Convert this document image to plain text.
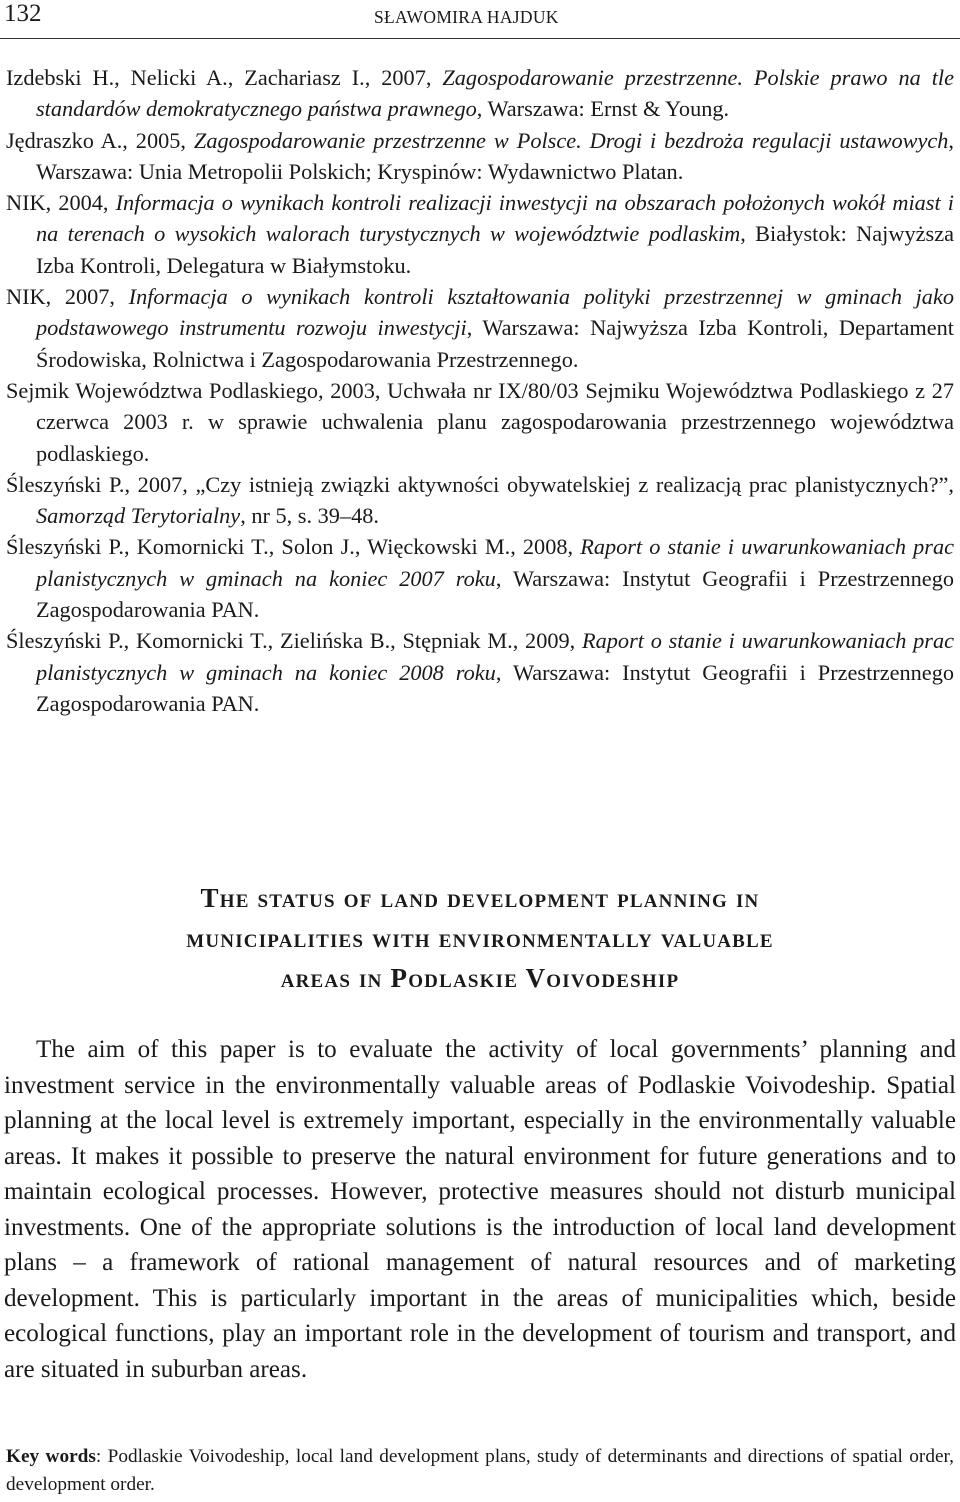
132	SŁAWOMIRA HAJDUK

Izdebski H., Nelicki A., Zachariasz I., 2007, Zagospodarowanie przestrzenne. Polskie prawo na tle standardów demokratycznego państwa prawnego, Warszawa: Ernst & Young.

Jędraszko A., 2005, Zagospodarowanie przestrzenne w Polsce. Drogi i bezdroża regulacji ustawowych, Warszawa: Unia Metropolii Polskich; Kryspinów: Wydawnictwo Platan.

NIK, 2004, Informacja o wynikach kontroli realizacji inwestycji na obszarach położonych wokół miast i na terenach o wysokich walorach turystycznych w województwie podlaskim, Białystok: Najwyższa Izba Kontroli, Delegatura w Białymstoku.

NIK, 2007, Informacja o wynikach kontroli kształtowania polityki przestrzennej w gminach jako podstawowego instrumentu rozwoju inwestycji, Warszawa: Najwyższa Izba Kontroli, Departament Środowiska, Rolnictwa i Zagospodarowania Przestrzennego.

Sejmik Województwa Podlaskiego, 2003, Uchwała nr IX/80/03 Sejmiku Województwa Podlaskiego z 27 czerwca 2003 r. w sprawie uchwalenia planu zagospodarowania przestrzennego województwa podlaskiego.

Śleszyński P., 2007, „Czy istnieją związki aktywności obywatelskiej z realizacją prac planistycznych?”, Samorząd Terytorialny, nr 5, s. 39–48.

Śleszyński P., Komornicki T., Solon J., Więckowski M., 2008, Raport o stanie i uwarunkowaniach prac planistycznych w gminach na koniec 2007 roku, Warszawa: Instytut Geografii i Przestrzennego Zagospodarowania PAN.

Śleszyński P., Komornicki T., Zielińska B., Stępniak M., 2009, Raport o stanie i uwarunkowaniach prac planistycznych w gminach na koniec 2008 roku, Warszawa: Instytut Geografii i Przestrzennego Zagospodarowania PAN.

The status of land development planning in
municipalities with environmentally valuable
areas in Podlaskie Voivodeship

The aim of this paper is to evaluate the activity of local governments’ planning and investment service in the environmentally valuable areas of Podlaskie Voivodeship. Spatial planning at the local level is extremely important, especially in the environmentally valuable areas. It makes it possible to preserve the natural environment for future generations and to maintain ecological processes. However, protective measures should not disturb municipal investments. One of the appropriate solutions is the introduction of local land development plans – a framework of rational management of natural resources and of marketing development. This is particularly important in the areas of municipalities which, beside ecological functions, play an important role in the development of tourism and transport, and are situated in suburban areas.

Key words: Podlaskie Voivodeship, local land development plans, study of determinants and directions of spatial order, development order.
